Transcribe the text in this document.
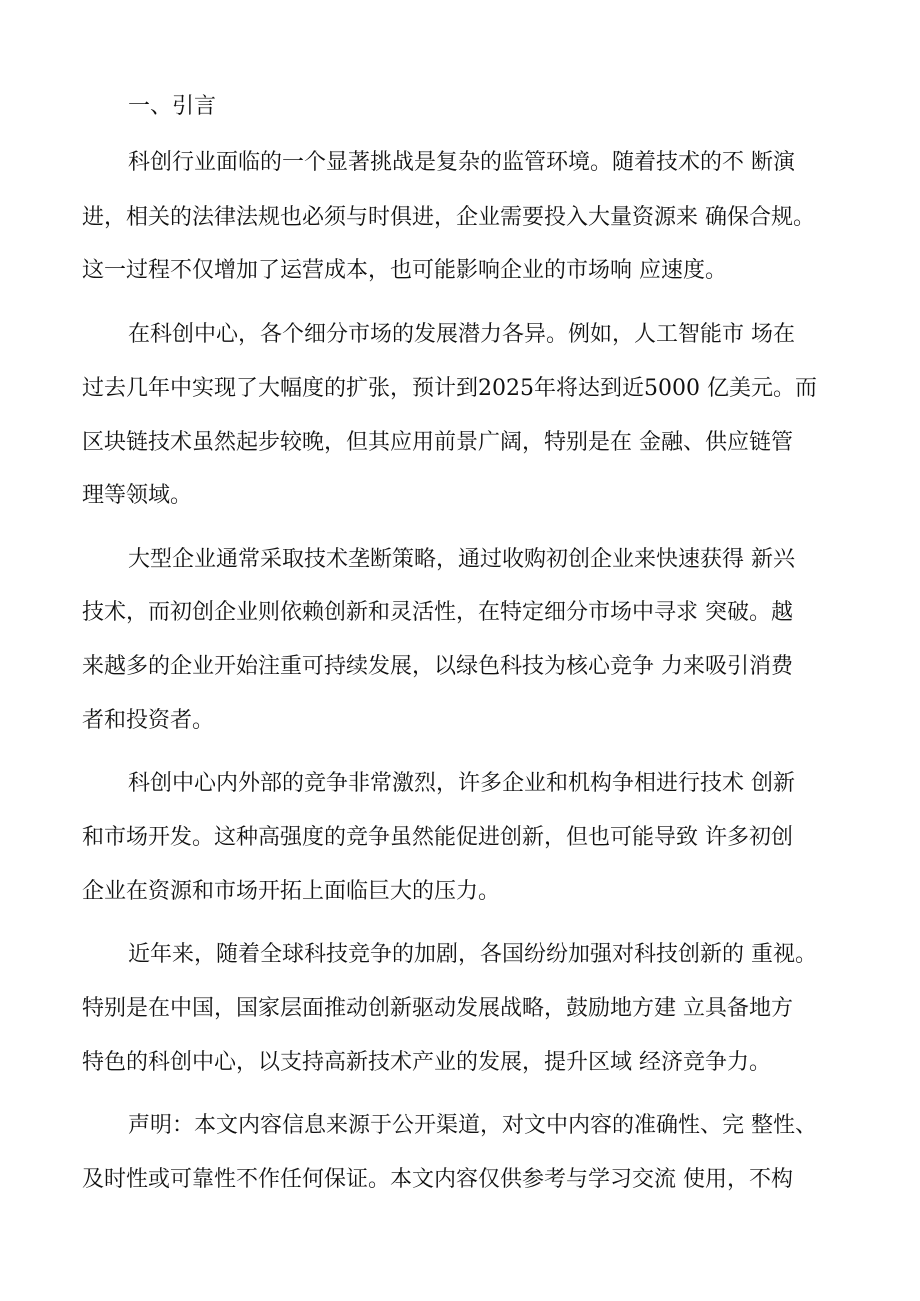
一、引言
科创行业面临的一个显著挑战是复杂的监管环境。随着技术的不 断演
进，相关的法律法规也必须与时俱进，企业需要投入大量资源来 确保合规。
这一过程不仅增加了运营成本，也可能影响企业的市场响 应速度。
在科创中心，各个细分市场的发展潜力各异。例如，人工智能市 场在
过去几年中实现了大幅度的扩张，预计到2025年将达到近5000 亿美元。而
区块链技术虽然起步较晚，但其应用前景广阔，特别是在 金融、供应链管
理等领域。
大型企业通常采取技术垄断策略，通过收购初创企业来快速获得 新兴
技术，而初创企业则依赖创新和灵活性，在特定细分市场中寻求 突破。越
来越多的企业开始注重可持续发展，以绿色科技为核心竞争 力来吸引消费
者和投资者。
科创中心内外部的竞争非常激烈，许多企业和机构争相进行技术 创新
和市场开发。这种高强度的竞争虽然能促进创新，但也可能导致 许多初创
企业在资源和市场开拓上面临巨大的压力。
近年来，随着全球科技竞争的加剧，各国纷纷加强对科技创新的 重视。
特别是在中国，国家层面推动创新驱动发展战略，鼓励地方建 立具备地方
特色的科创中心，以支持高新技术产业的发展，提升区域 经济竞争力。
声明：本文内容信息来源于公开渠道，对文中内容的准确性、完 整性、
及时性或可靠性不作任何保证。本文内容仅供参考与学习交流 使用，不构
